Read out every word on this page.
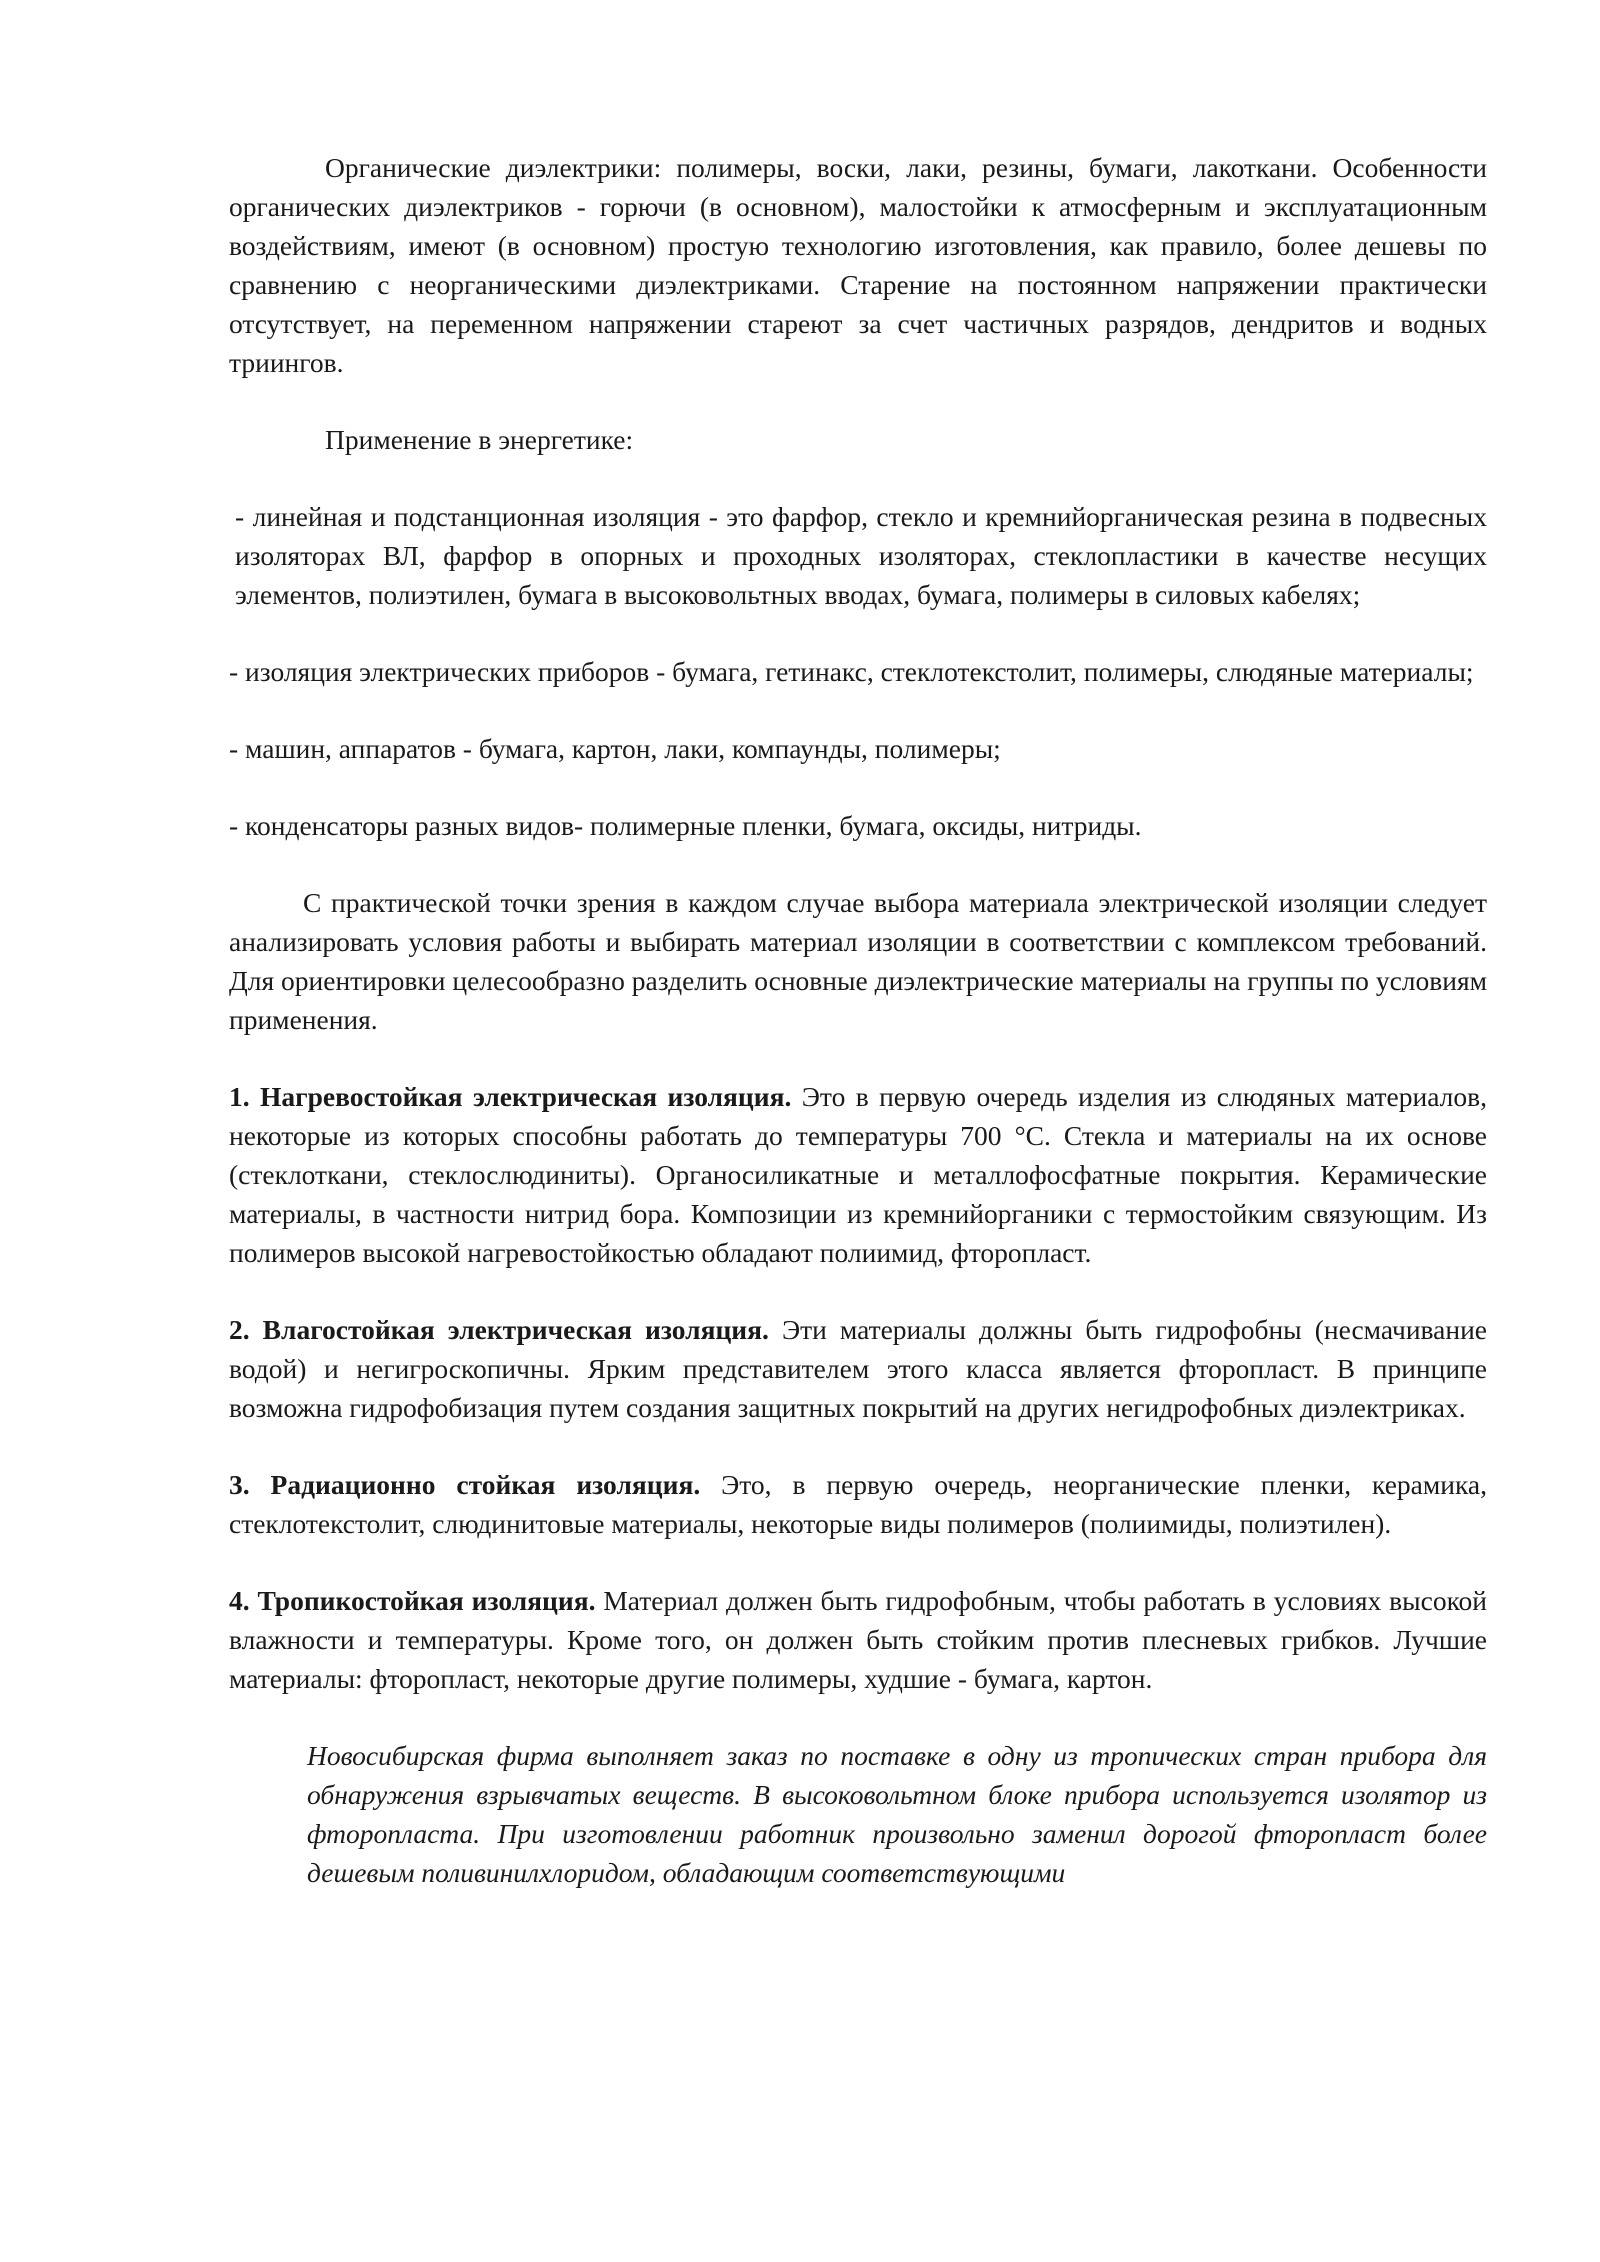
Органические диэлектрики: полимеры, воски, лаки, резины, бумаги, лакоткани. Особенности органических диэлектриков - горючи (в основном), малостойки к атмосферным и эксплуатационным воздействиям, имеют (в основном) простую технологию изготовления, как правило, более дешевы по сравнению с неорганическими диэлектриками. Старение на постоянном напряжении практически отсутствует, на переменном напряжении стареют за счет частичных разрядов, дендритов и водных триингов.

Применение в энергетике:

- линейная и подстанционная изоляция - это фарфор, стекло и кремнийорганическая резина в подвесных изоляторах ВЛ, фарфор в опорных и проходных изоляторах, стеклопластики в качестве несущих элементов, полиэтилен, бумага в высоковольтных вводах, бумага, полимеры в силовых кабелях;

- изоляция электрических приборов - бумага, гетинакс, стеклотекстолит, полимеры, слюдяные материалы;

- машин, аппаратов - бумага, картон, лаки, компаунды, полимеры;

- конденсаторы разных видов- полимерные пленки, бумага, оксиды, нитриды.

С практической точки зрения в каждом случае выбора материала электрической изоляции следует анализировать условия работы и выбирать материал изоляции в соответствии с комплексом требований. Для ориентировки целесообразно разделить основные диэлектрические материалы на группы по условиям применения.

1. Нагревостойкая электрическая изоляция. Это в первую очередь изделия из слюдяных материалов, некоторые из которых способны работать до температуры 700 °С. Стекла и материалы на их основе (стеклоткани, стеклослюдиниты). Органосиликатные и металлофосфатные покрытия. Керамические материалы, в частности нитрид бора. Композиции из кремнийорганики с термостойким связующим. Из полимеров высокой нагревостойкостью обладают полиимид, фторопласт.

2. Влагостойкая электрическая изоляция. Эти материалы должны быть гидрофобны (несмачивание водой) и негигроскопичны. Ярким представителем этого класса является фторопласт. В принципе возможна гидрофобизация путем создания защитных покрытий на других негидрофобных диэлектриках.

3. Радиационно стойкая изоляция. Это, в первую очередь, неорганические пленки, керамика, стеклотекстолит, слюдинитовые материалы, некоторые виды полимеров (полиимиды, полиэтилен).

4. Тропикостойкая изоляция. Материал должен быть гидрофобным, чтобы работать в условиях высокой влажности и температуры. Кроме того, он должен быть стойким против плесневых грибков. Лучшие материалы: фторопласт, некоторые другие полимеры, худшие - бумага, картон.

Новосибирская фирма выполняет заказ по поставке в одну из тропических стран прибора для обнаружения взрывчатых веществ. В высоковольтном блоке прибора используется изолятор из фторопласта. При изготовлении работник произвольно заменил дорогой фторопласт более дешевым поливинилхлоридом, обладающим соответствующими
